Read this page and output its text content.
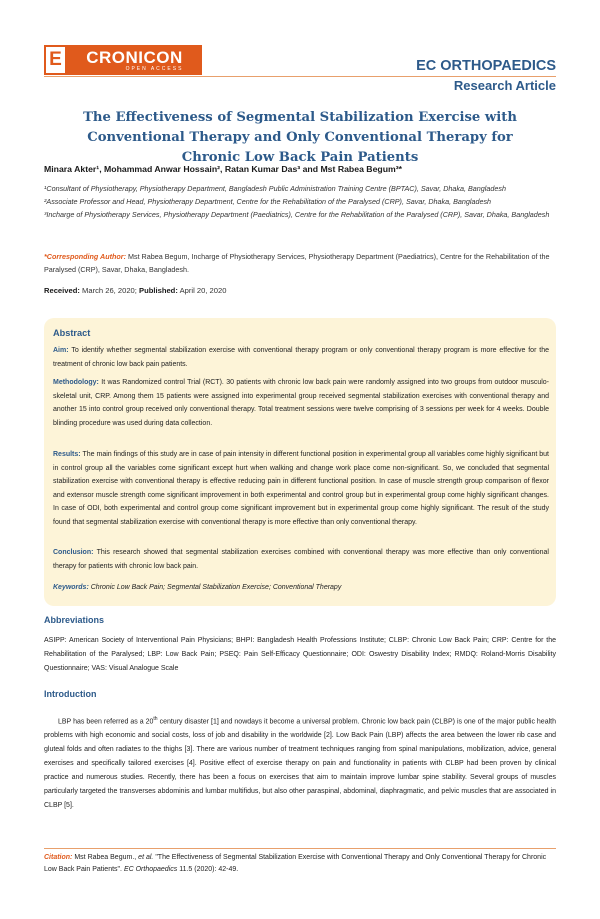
E	CRONICON
OPEN ACCESS	EC ORTHOPAEDICS
Research Article
The Effectiveness of Segmental Stabilization Exercise with Conventional Therapy and Only Conventional Therapy for Chronic Low Back Pain Patients
Minara Akter¹, Mohammad Anwar Hossain², Ratan Kumar Das³ and Mst Rabea Begum³*
¹Consultant of Physiotherapy, Physiotherapy Department, Bangladesh Public Administration Training Centre (BPTAC), Savar, Dhaka, Bangladesh
²Associate Professor and Head, Physiotherapy Department, Centre for the Rehabilitation of the Paralysed (CRP), Savar, Dhaka, Bangladesh
³Incharge of Physiotherapy Services, Physiotherapy Department (Paediatrics), Centre for the Rehabilitation of the Paralysed (CRP), Savar, Dhaka, Bangladesh
*Corresponding Author: Mst Rabea Begum, Incharge of Physiotherapy Services, Physiotherapy Department (Paediatrics), Centre for the Rehabilitation of the Paralysed (CRP), Savar, Dhaka, Bangladesh.
Received: March 26, 2020; Published: April 20, 2020
Abstract
Aim: To identify whether segmental stabilization exercise with conventional therapy program or only conventional therapy program is more effective for the treatment of chronic low back pain patients.
Methodology: It was Randomized control Trial (RCT). 30 patients with chronic low back pain were randomly assigned into two groups from outdoor musculo-skeletal unit, CRP. Among them 15 patients were assigned into experimental group received segmental stabilization exercises with conventional therapy and another 15 into control group received only conventional therapy. Total treatment sessions were twelve comprising of 3 sessions per week for 4 weeks. Double blinding procedure was used during data collection.
Results: The main findings of this study are in case of pain intensity in different functional position in experimental group all variables come highly significant but in control group all the variables come significant except hurt when walking and change work place come non-significant. So, we concluded that segmental stabilization exercise with conventional therapy is effective reducing pain in different functional position. In case of muscle strength group comparison of flexor and extensor muscle strength come significant improvement in both experimental and control group but in experimental group come highly significant changes. In case of ODI, both experimental and control group come significant improvement but in experimental group come highly significant. The result of the study found that segmental stabilization exercise with conventional therapy is more effective than only conventional therapy.
Conclusion: This research showed that segmental stabilization exercises combined with conventional therapy was more effective than only conventional therapy for patients with chronic low back pain.
Keywords: Chronic Low Back Pain; Segmental Stabilization Exercise; Conventional Therapy
Abbreviations
ASIPP: American Society of Interventional Pain Physicians; BHPI: Bangladesh Health Professions Institute; CLBP: Chronic Low Back Pain; CRP: Centre for the Rehabilitation of the Paralysed; LBP: Low Back Pain; PSEQ: Pain Self-Efficacy Questionnaire; ODI: Oswestry Disability Index; RMDQ: Roland-Morris Disability Questionnaire; VAS: Visual Analogue Scale
Introduction
LBP has been referred as a 20th century disaster [1] and nowdays it become a universal problem. Chronic low back pain (CLBP) is one of the major public health problems with high economic and social costs, loss of job and disability in the worldwide [2]. Low Back Pain (LBP) affects the area between the lower rib case and gluteal folds and often radiates to the thighs [3]. There are various number of treatment techniques ranging from spinal manipulations, mobilization, advice, general exercises and specifically tailored exercises [4]. Positive effect of exercise therapy on pain and functionality in patients with CLBP had been proven by clinical practice and numerous studies. Recently, there has been a focus on exercises that aim to maintain improve lumbar spine stability. Several groups of muscles particularly targeted the transverses abdominis and lumbar multifidus, but also other paraspinal, abdominal, diaphragmatic, and pelvic muscles that are associated in CLBP [5].
Citation: Mst Rabea Begum., et al. "The Effectiveness of Segmental Stabilization Exercise with Conventional Therapy and Only Conventional Therapy for Chronic Low Back Pain Patients". EC Orthopaedics 11.5 (2020): 42-49.
